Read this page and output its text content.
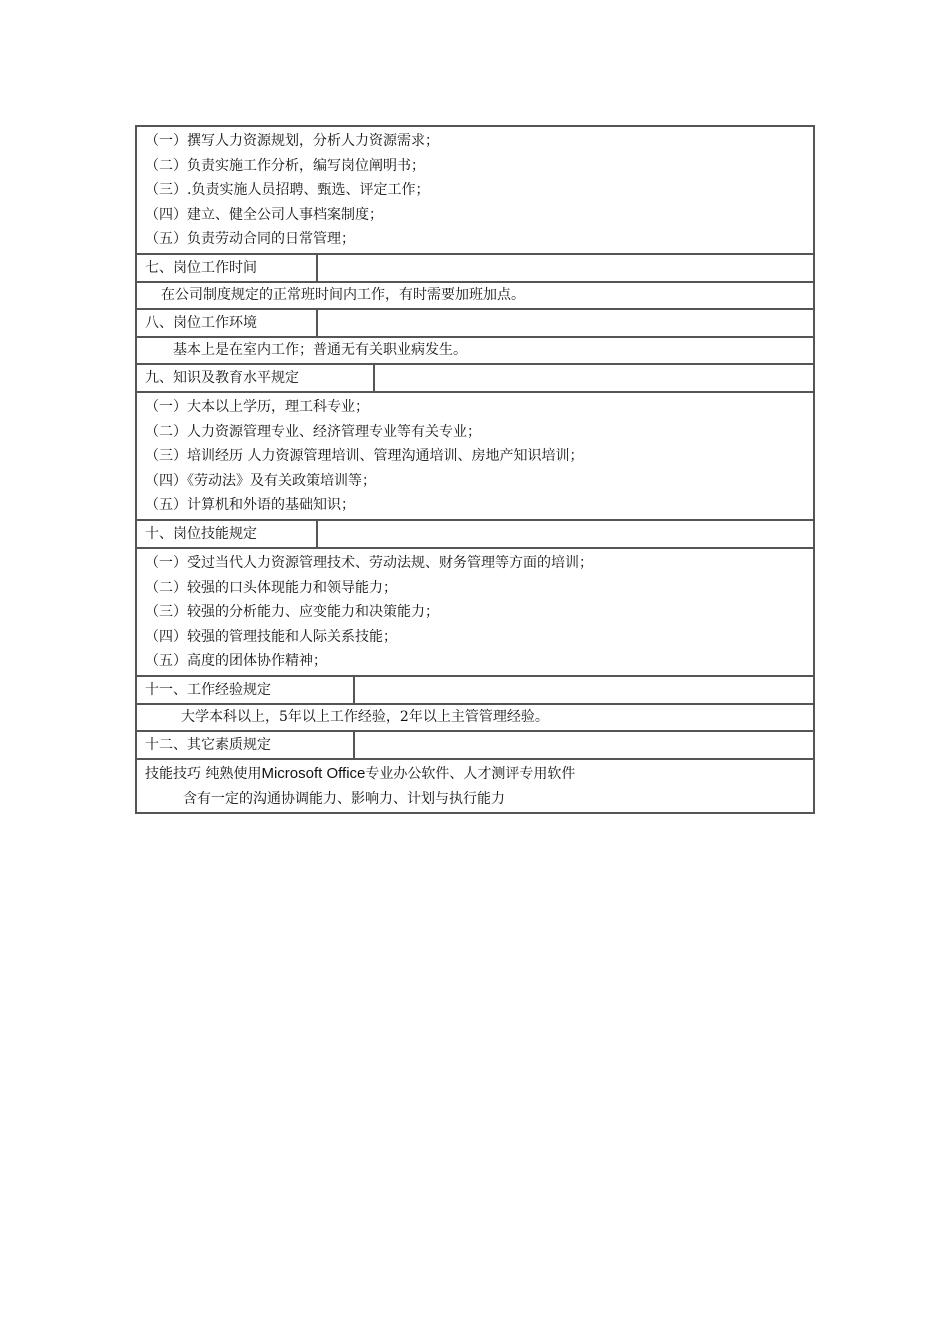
（一）撰写人力资源规划，分析人力资源需求；
（二）负责实施工作分析，编写岗位阐明书；
（三）.负责实施人员招聘、甄选、评定工作；
（四）建立、健全公司人事档案制度；
（五）负责劳动合同的日常管理；
七、岗位工作时间
在公司制度规定的正常班时间内工作，有时需要加班加点。
八、岗位工作环境
基本上是在室内工作；普通无有关职业病发生。
九、知识及教育水平规定
（一）大本以上学历，理工科专业；
（二）人力资源管理专业、经济管理专业等有关专业；
（三）培训经历 人力资源管理培训、管理沟通培训、房地产知识培训；
（四）《劳动法》及有关政策培训等；
（五）计算机和外语的基础知识；
十、岗位技能规定
（一）受过当代人力资源管理技术、劳动法规、财务管理等方面的培训；
（二）较强的口头体现能力和领导能力；
（三）较强的分析能力、应变能力和决策能力；
（四）较强的管理技能和人际关系技能；
（五）高度的团体协作精神；
十一、工作经验规定
大学本科以上，5年以上工作经验，2年以上主管管理经验。
十二、其它素质规定
技能技巧 纯熟使用Microsoft Office专业办公软件、人才测评专用软件
含有一定的沟通协调能力、影响力、计划与执行能力
